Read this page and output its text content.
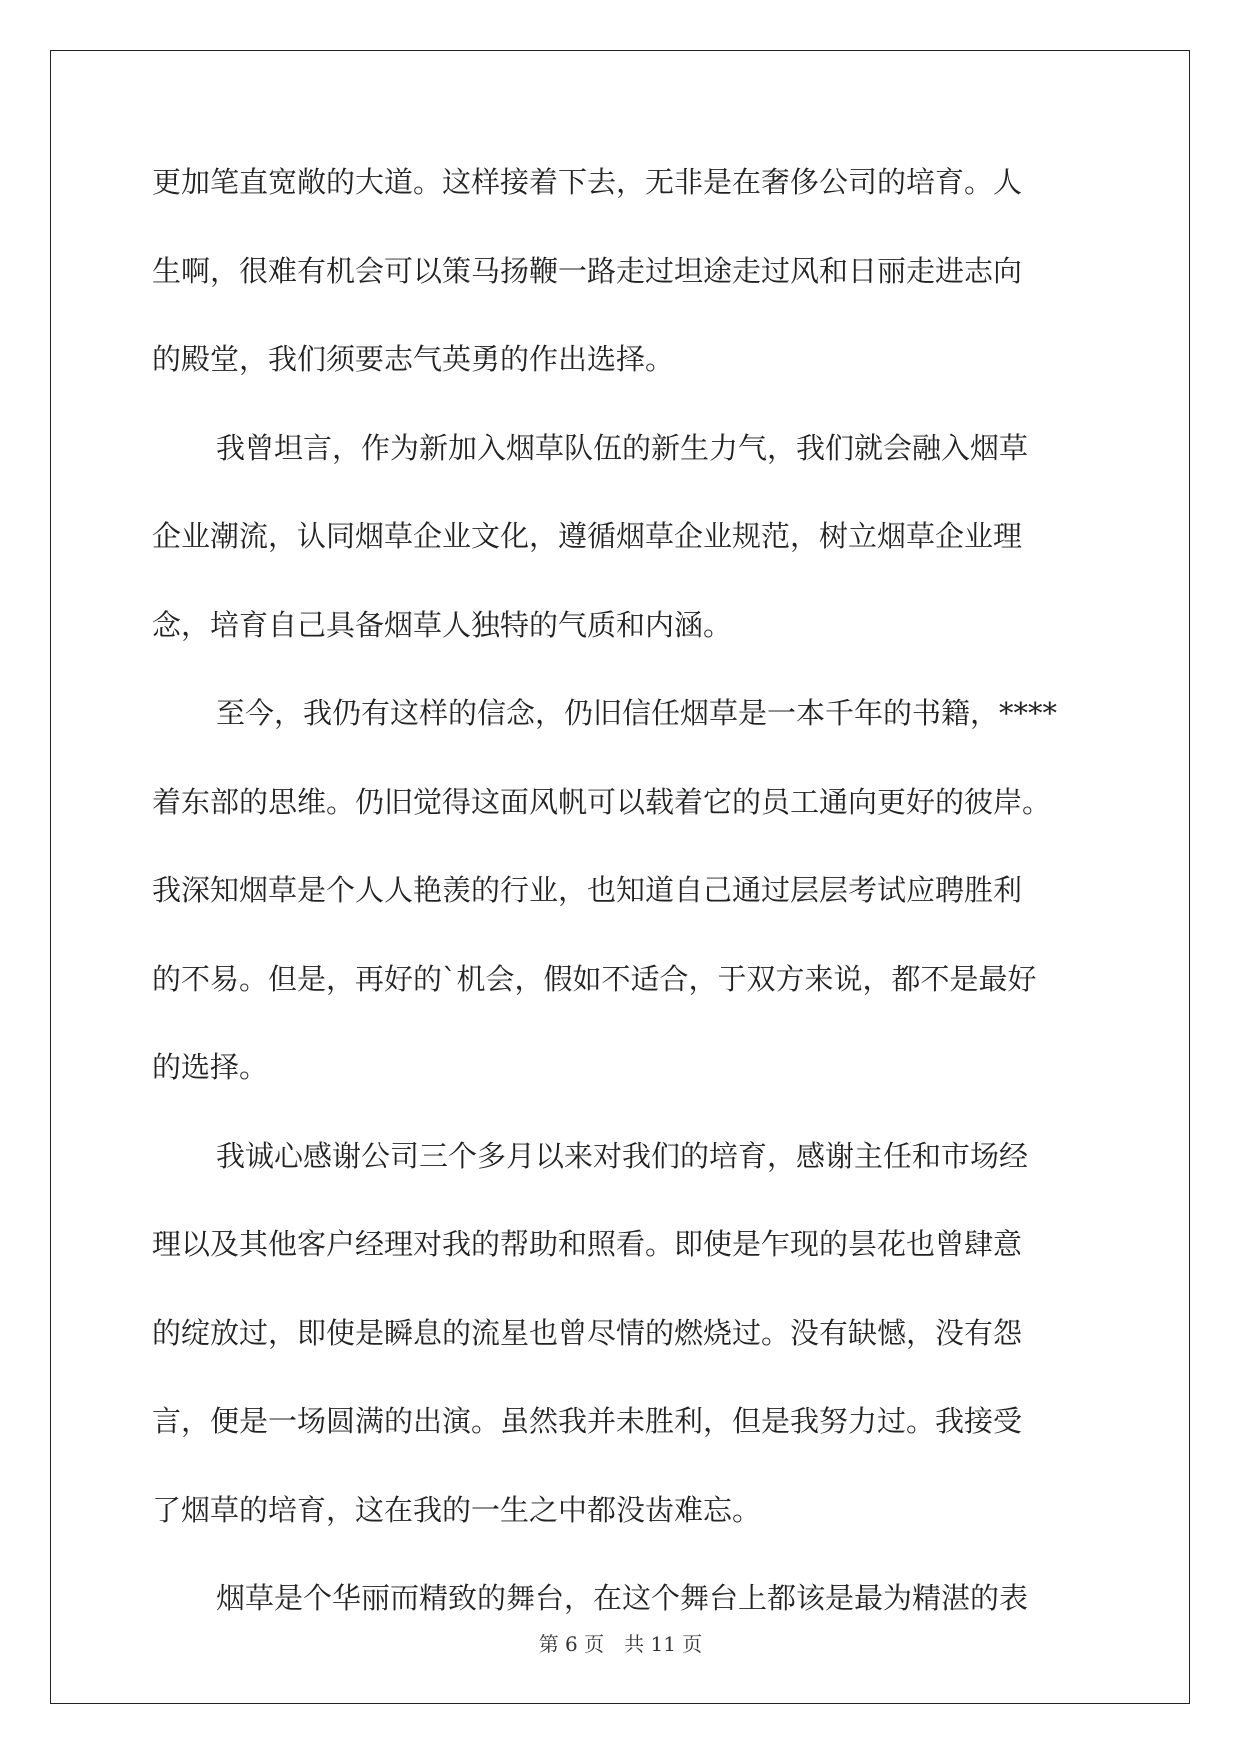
更加笔直宽敞的大道。这样接着下去，无非是在奢侈公司的培育。人
生啊，很难有机会可以策马扬鞭一路走过坦途走过风和日丽走进志向
的殿堂，我们须要志气英勇的作出选择。
我曾坦言，作为新加入烟草队伍的新生力气，我们就会融入烟草
企业潮流，认同烟草企业文化，遵循烟草企业规范，树立烟草企业理
念，培育自己具备烟草人独特的气质和内涵。
至今，我仍有这样的信念，仍旧信任烟草是一本千年的书籍，****
着东部的思维。仍旧觉得这面风帆可以载着它的员工通向更好的彼岸。
我深知烟草是个人人艳羡的行业，也知道自己通过层层考试应聘胜利
的不易。但是，再好的`机会，假如不适合，于双方来说，都不是最好
的选择。
我诚心感谢公司三个多月以来对我们的培育，感谢主任和市场经
理以及其他客户经理对我的帮助和照看。即使是乍现的昙花也曾肆意
的绽放过，即使是瞬息的流星也曾尽情的燃烧过。没有缺憾，没有怨
言，便是一场圆满的出演。虽然我并未胜利，但是我努力过。我接受
了烟草的培育，这在我的一生之中都没齿难忘。
烟草是个华丽而精致的舞台，在这个舞台上都该是最为精湛的表
第 6 页　共 11 页
